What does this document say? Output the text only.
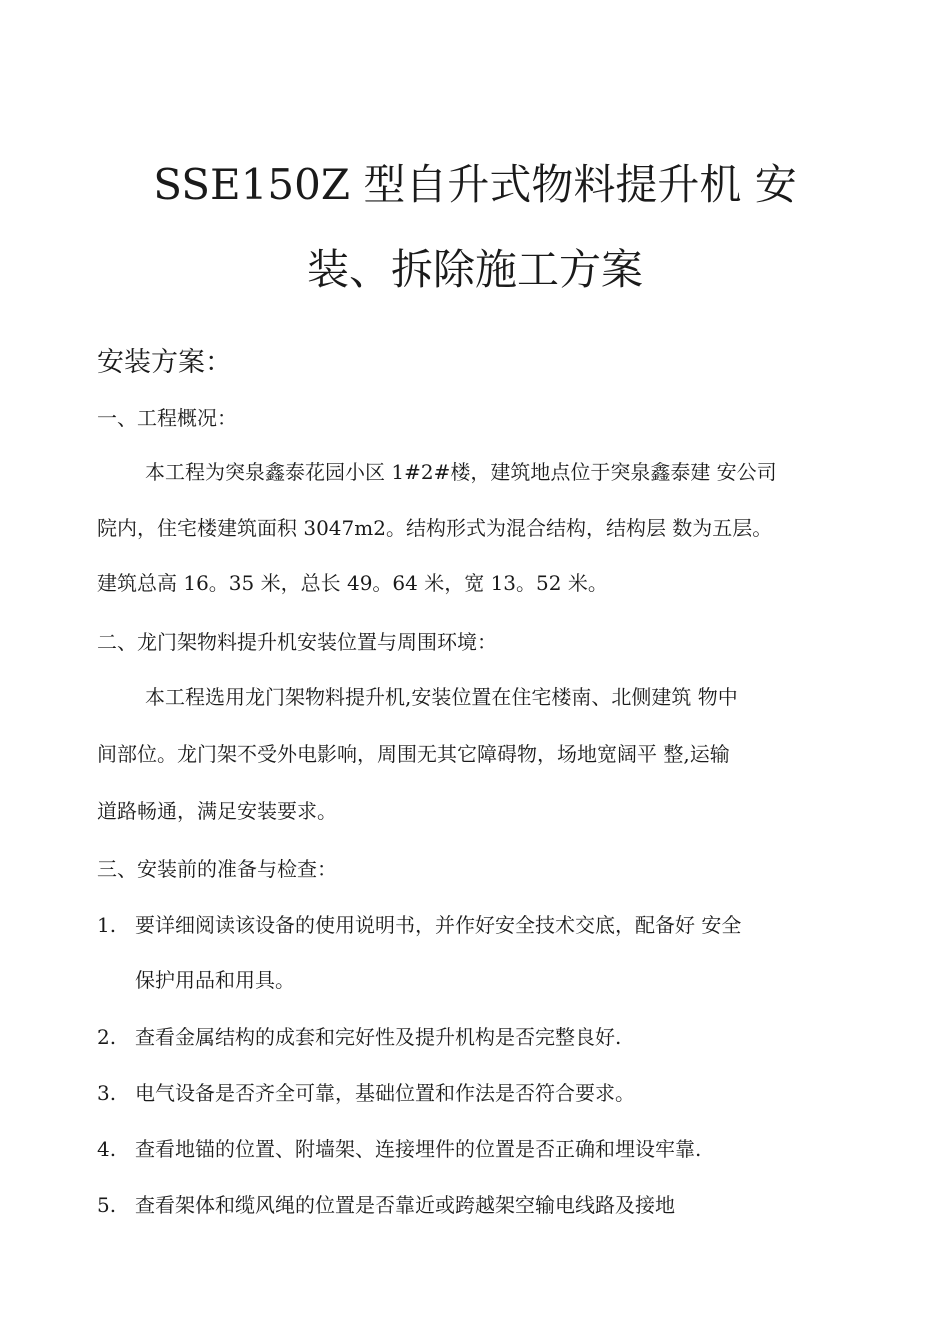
SSE150Z 型自升式物料提升机 安
装、拆除施工方案
安装方案：
一、工程概况：
本工程为突泉鑫泰花园小区 1#2#楼，建筑地点位于突泉鑫泰建 安公司
院内，住宅楼建筑面积 3047m2。结构形式为混合结构，结构层 数为五层。
建筑总高 16。35 米，总长 49。64 米，宽 13。52 米。
二、龙门架物料提升机安装位置与周围环境：
本工程选用龙门架物料提升机,安装位置在住宅楼南、北侧建筑 物中
间部位。龙门架不受外电影响，周围无其它障碍物，场地宽阔平 整,运输
道路畅通，满足安装要求。
三、安装前的准备与检查：
1. 要详细阅读该设备的使用说明书，并作好安全技术交底，配备好 安全
保护用品和用具。
2. 查看金属结构的成套和完好性及提升机构是否完整良好.
3. 电气设备是否齐全可靠，基础位置和作法是否符合要求。
4. 查看地锚的位置、附墙架、连接埋件的位置是否正确和埋设牢靠.
5. 查看架体和缆风绳的位置是否靠近或跨越架空输电线路及接地
